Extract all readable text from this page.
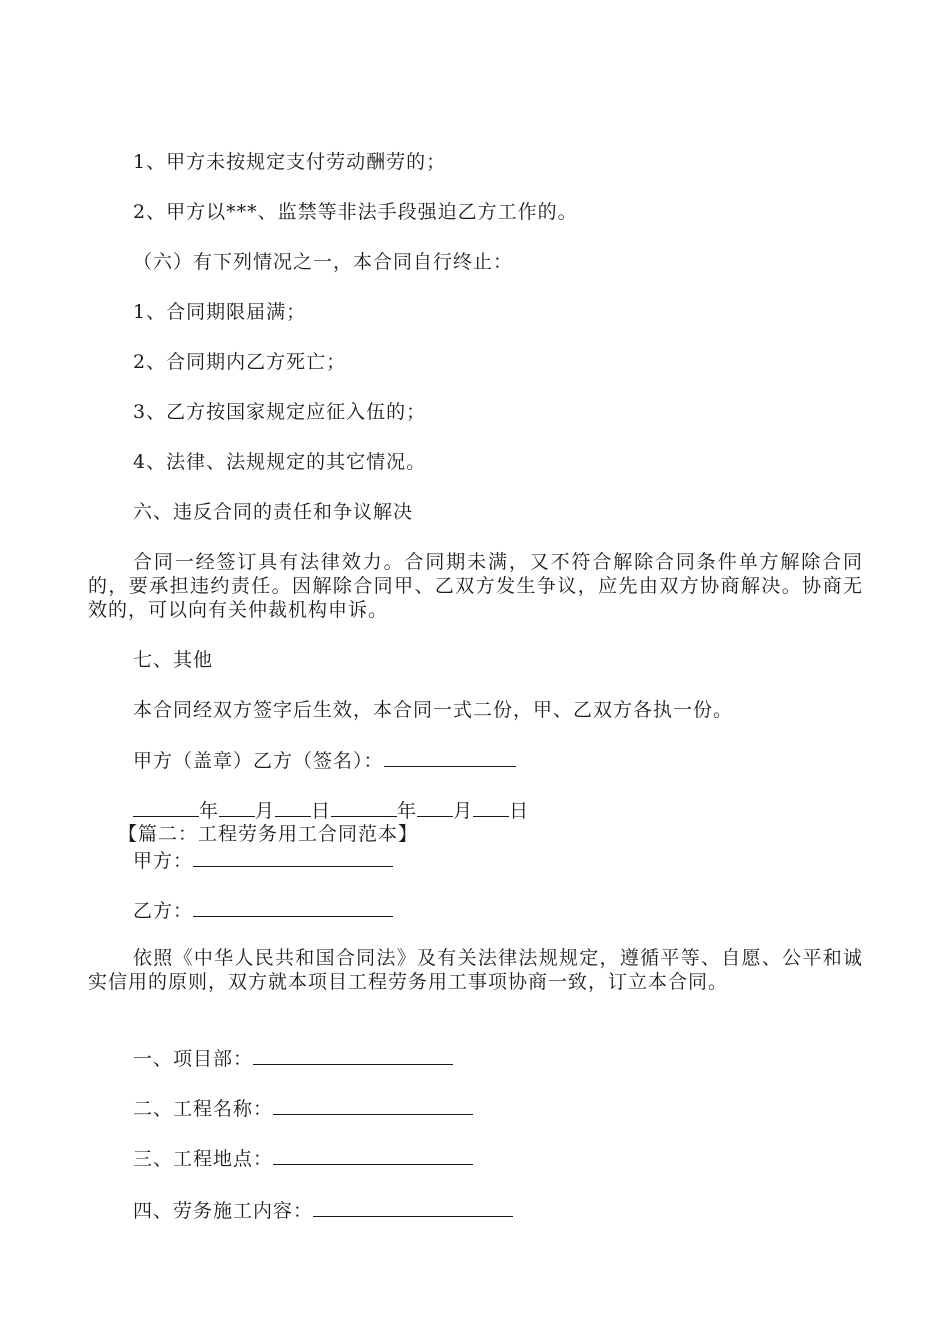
1、甲方未按规定支付劳动酬劳的；
2、甲方以***、监禁等非法手段强迫乙方工作的。
（六）有下列情况之一，本合同自行终止：
1、合同期限届满；
2、合同期内乙方死亡；
3、乙方按国家规定应征入伍的；
4、法律、法规规定的其它情况。
六、违反合同的责任和争议解决
合同一经签订具有法律效力。合同期未满，又不符合解除合同条件单方解除合同的，要承担违约责任。因解除合同甲、乙双方发生争议，应先由双方协商解决。协商无效的，可以向有关仲裁机构申诉。
七、其他
本合同经双方签字后生效，本合同一式二份，甲、乙双方各执一份。
甲方（盖章）乙方（签名）：
年 月 日	年 月 日
【篇二：工程劳务用工合同范本】
甲方：
乙方：
依照《中华人民共和国合同法》及有关法律法规规定，遵循平等、自愿、公平和诚实信用的原则，双方就本项目工程劳务用工事项协商一致，订立本合同。
一、项目部：
二、工程名称：
三、工程地点：
四、劳务施工内容：
